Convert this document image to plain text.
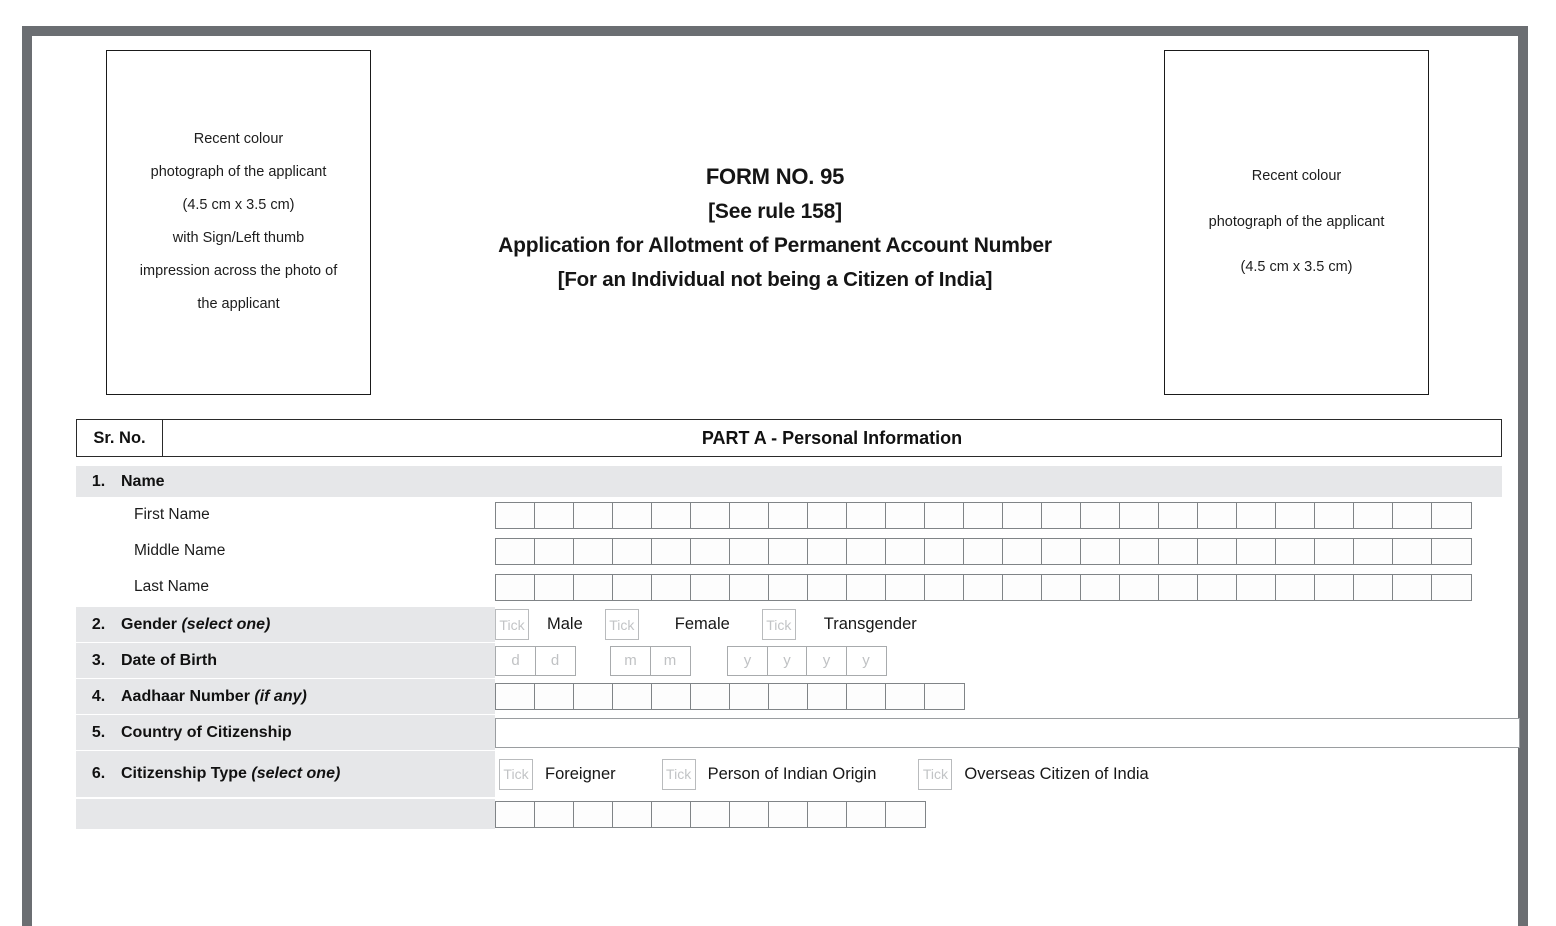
Recent colour
photograph of the applicant
(4.5 cm x 3.5 cm)
with Sign/Left thumb
impression across the photo of
the applicant
Recent colour
photograph of the applicant
(4.5 cm x 3.5 cm)
FORM NO. 95
[See rule 158]
Application for Allotment of Permanent Account Number
[For an Individual not being a Citizen of India]
Sr. No.	PART A - Personal Information
1. Name
First Name
Middle Name
Last Name
2. Gender (select one)	Tick Male	Tick Female	Tick Transgender
3. Date of Birth	d	d	m	m	y	y	y	y
4. Aadhaar Number (if any)
5. Country of Citizenship
6. Citizenship Type (select one)	Tick Foreigner	Tick Person of Indian Origin	Tick Overseas Citizen of India
